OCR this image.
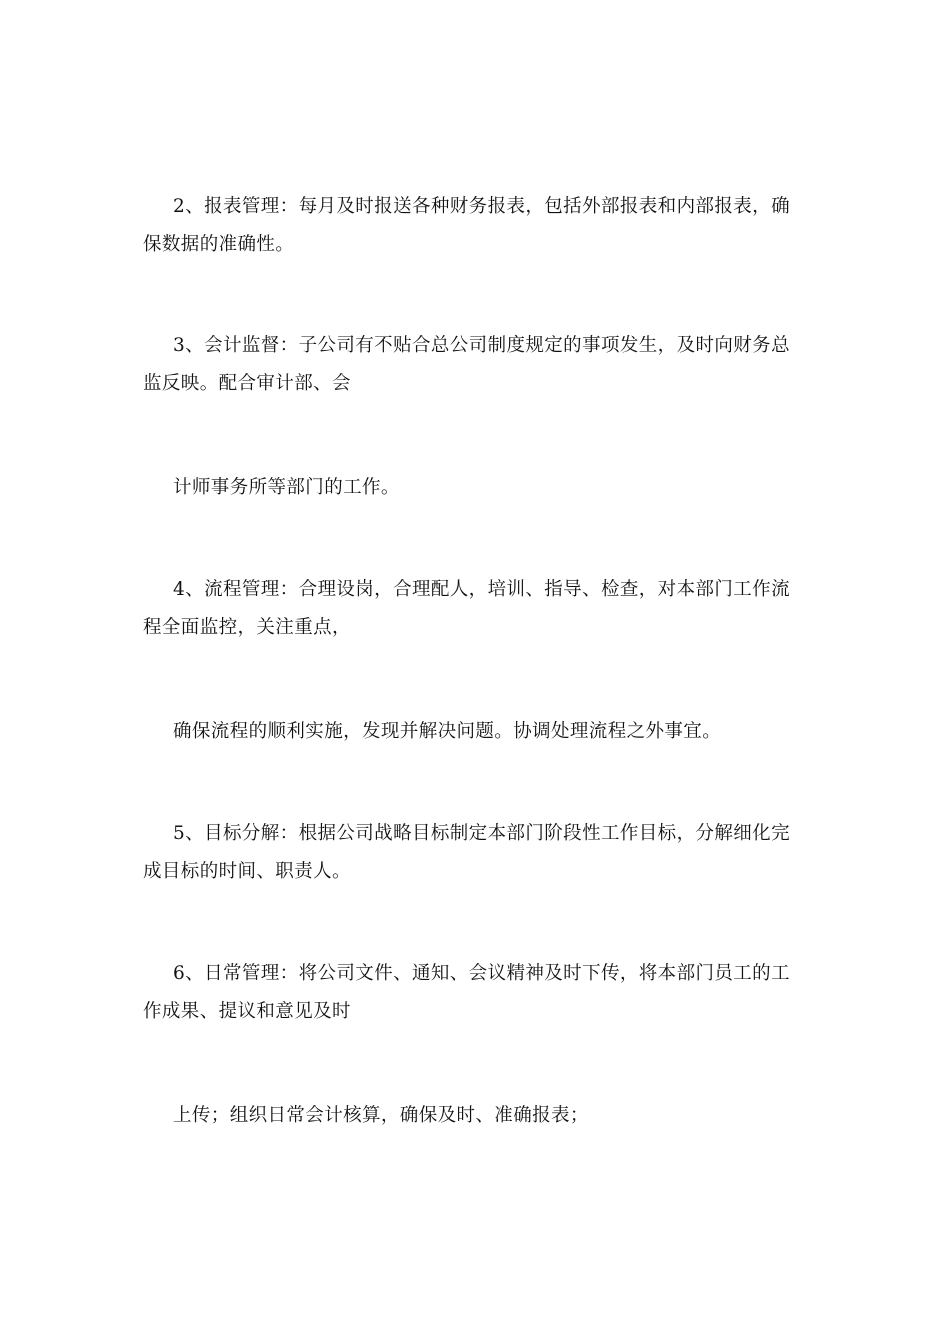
2、报表管理：每月及时报送各种财务报表，包括外部报表和内部报表，确
保数据的准确性。

3、会计监督：子公司有不贴合总公司制度规定的事项发生，及时向财务总
监反映。配合审计部、会

计师事务所等部门的工作。

4、流程管理：合理设岗，合理配人，培训、指导、检查，对本部门工作流
程全面监控，关注重点，

确保流程的顺利实施，发现并解决问题。协调处理流程之外事宜。

5、目标分解：根据公司战略目标制定本部门阶段性工作目标，分解细化完
成目标的时间、职责人。

6、日常管理：将公司文件、通知、会议精神及时下传，将本部门员工的工
作成果、提议和意见及时

上传；组织日常会计核算，确保及时、准确报表；
